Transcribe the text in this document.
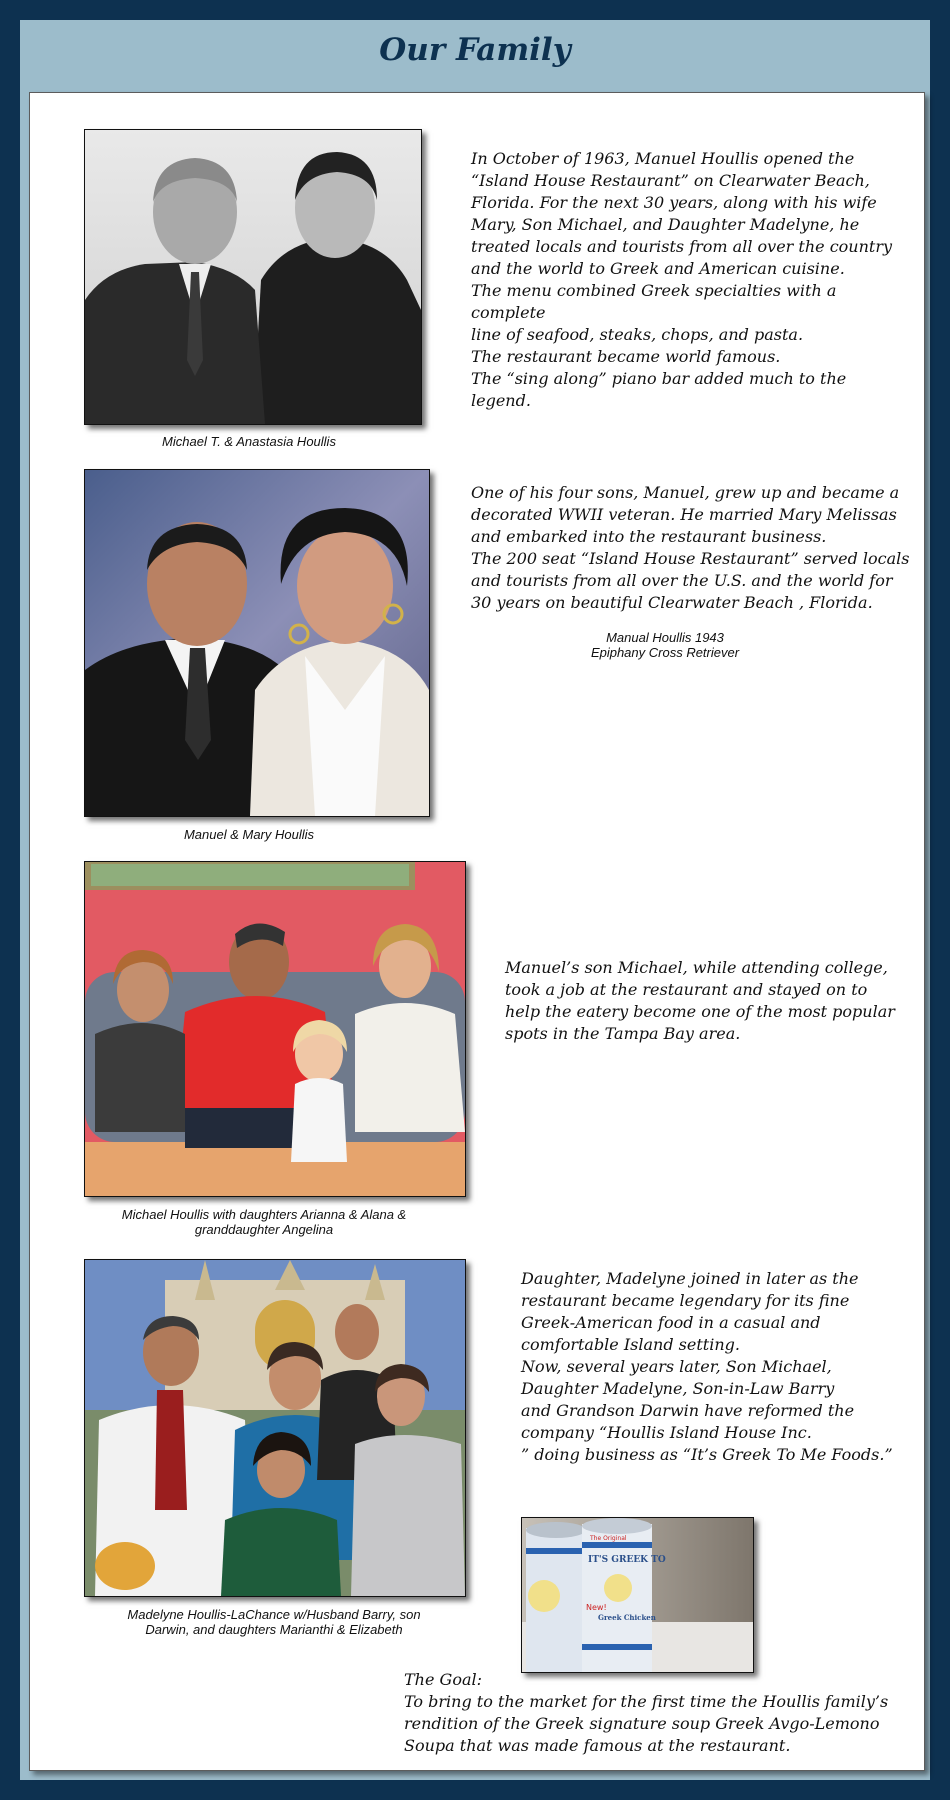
Our Family
Michael T. & Anastasia Houllis
In October of 1963, Manuel Houllis opened the
“Island House Restaurant” on Clearwater Beach,
Florida. For the next 30 years, along with his wife
Mary, Son Michael, and Daughter Madelyne, he
treated locals and tourists from all over the country
and the world to Greek and American cuisine.
The menu combined Greek specialties with a complete
line of seafood, steaks, chops, and pasta.
The restaurant became world famous.
The “sing along” piano bar added much to the legend.
Manuel & Mary Houllis
One of his four sons, Manuel, grew up and became a
decorated WWII veteran. He married Mary Melissas
and embarked into the restaurant business.
The 200 seat “Island House Restaurant” served locals
and tourists from all over the U.S. and the world for
30 years on beautiful Clearwater Beach , Florida.
Manual Houllis 1943
Epiphany Cross Retriever
Michael Houllis with daughters Arianna & Alana &
granddaughter Angelina
Manuel’s son Michael, while attending college,
took a job at the restaurant and stayed on to
help the eatery become one of the most popular
spots in the Tampa Bay area.
Madelyne Houllis-LaChance w/Husband Barry, son
Darwin, and daughters Marianthi & Elizabeth
Daughter, Madelyne joined in later as the
restaurant became legendary for its fine
Greek-American food in a casual and
comfortable Island setting.
Now, several years later, Son Michael,
Daughter Madelyne, Son-in-Law Barry
and Grandson Darwin have reformed the
company “Houllis Island House Inc.
” doing business as “It’s Greek To Me Foods.”
The Original
IT'S GREEK TO
New!
Greek Chicken
The Goal:
To bring to the market for the first time the Houllis family’s
rendition of the Greek signature soup Greek Avgo-Lemono
Soupa that was made famous at the restaurant.
